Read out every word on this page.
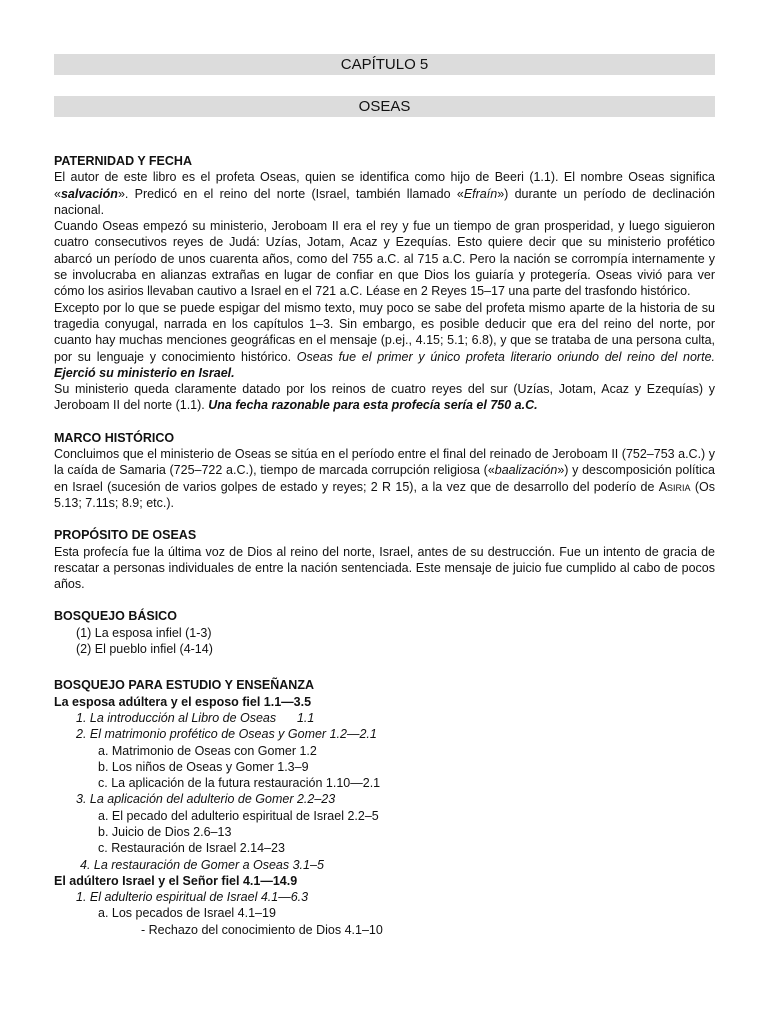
CAPÍTULO 5
OSEAS
PATERNIDAD Y FECHA

El autor de este libro es el profeta Oseas, quien se identifica como hijo de Beeri (1.1). El nombre Oseas significa «salvación». Predicó en el reino del norte (Israel, también llamado «Efraín») durante un período de declinación nacional.

Cuando Oseas empezó su ministerio, Jeroboam II era el rey y fue un tiempo de gran prosperidad, y luego siguieron cuatro consecutivos reyes de Judá: Uzías, Jotam, Acaz y Ezequías. Esto quiere decir que su ministerio profético abarcó un período de unos cuarenta años, como del 755 a.C. al 715 a.C. Pero la nación se corrompía internamente y se involucraba en alianzas extrañas en lugar de confiar en que Dios los guiaría y protegería. Oseas vivió para ver cómo los asirios llevaban cautivo a Israel en el 721 a.C. Léase en 2 Reyes 15–17 una parte del trasfondo histórico.

Excepto por lo que se puede espigar del mismo texto, muy poco se sabe del profeta mismo aparte de la historia de su tragedia conyugal, narrada en los capítulos 1–3. Sin embargo, es posible deducir que era del reino del norte, por cuanto hay muchas menciones geográficas en el mensaje (p.ej., 4.15; 5.1; 6.8), y que se trataba de una persona culta, por su lenguaje y conocimiento histórico. Oseas fue el primer y único profeta literario oriundo del reino del norte. Ejerció su ministerio en Israel.

Su ministerio queda claramente datado por los reinos de cuatro reyes del sur (Uzías, Jotam, Acaz y Ezequías) y Jeroboam II del norte (1.1). Una fecha razonable para esta profecía sería el 750 a.C.

MARCO HISTÓRICO

Concluimos que el ministerio de Oseas se sitúa en el período entre el final del reinado de Jeroboam II (752–753 a.C.) y la caída de Samaria (725–722 a.C.), tiempo de marcada corrupción religiosa («baalización») y descomposición política en Israel (sucesión de varios golpes de estado y reyes; 2 R 15), a la vez que de desarrollo del poderío de Asiria (Os 5.13; 7.11s; 8.9; etc.).

PROPÓSITO DE OSEAS

Esta profecía fue la última voz de Dios al reino del norte, Israel, antes de su destrucción. Fue un intento de gracia de rescatar a personas individuales de entre la nación sentenciada. Este mensaje de juicio fue cumplido al cabo de pocos años.

BOSQUEJO BÁSICO
(1) La esposa infiel (1-3)
(2) El pueblo infiel (4-14)
BOSQUEJO PARA ESTUDIO Y ENSEÑANZA
La esposa adúltera y el esposo fiel 1.1—3.5
1. La introducción al Libro de Oseas      1.1
2. El matrimonio profético de Oseas y Gomer 1.2—2.1
a. Matrimonio de Oseas con Gomer 1.2
b. Los niños de Oseas y Gomer 1.3–9
c. La aplicación de la futura restauración 1.10—2.1
3. La aplicación del adulterio de Gomer 2.2–23
a. El pecado del adulterio espiritual de Israel 2.2–5
b. Juicio de Dios 2.6–13
c. Restauración de Israel 2.14–23
4. La restauración de Gomer a Oseas 3.1–5
El adúltero Israel y el Señor fiel 4.1—14.9
1. El adulterio espiritual de Israel 4.1—6.3
a. Los pecados de Israel 4.1–19
- Rechazo del conocimiento de Dios 4.1–10
